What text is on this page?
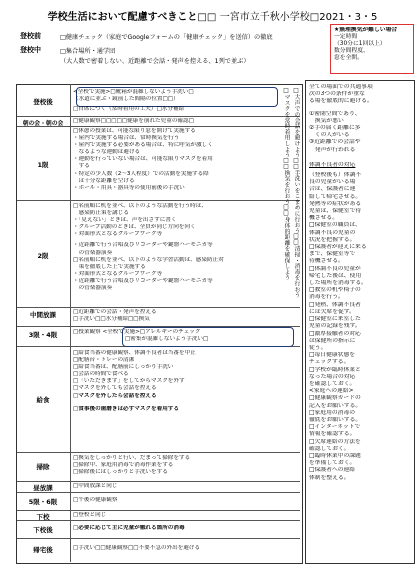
学校生活において配慮すべきこと□□ 一宮市立千秋小学校□2021・3・5
登校前	□健康チェック（家庭でGoogleフォームの「健康チェック」を送信）の徹底
登校中	□集合場所・通学団
（大人数で密着しない、近距離で会話・発声を控える、1列で並ぶ）
★無理換気が難しい場合
一定時間
（30分に1回以上）
数分間程度、
窓を全開。
登校後
朝の会・朝の会
1限
2限
中間放課
3限・4限
給食
掃除
昼放課
5限・6限
下校
下校後
帰宅後
<全校で実施>□靴箱が混雑しないよう手洗い□
（水道に並ぶ・鏡前した間隔の位置□□）
□自席につく（常時着用の工夫）□水分補給
□健康観察□□□□□健康を崩れた児童の確認□
□休憩の授業は、可能な限り窓を開けて実施する
・屋内で実施する場合は、常時換気を行う
・屋内で実施する必要がある場合は、特に呼気が激しく
　なるような運動は避ける
・運動を行っていない場合は、可能な限りマスクを着用
　する
・特定の少人数（2～3人程度）での活動を実施する際
　は十分な距離を空ける
・ボール・用具・器具等の使用前後の手洗い
□名前順に机を並べ、以下のような活動を行う時は、
　感染防止策を講じる
・「見えない」ときは、声を出さずに書く
・グループ活動のときは、全員が同じ方向を向く
・対面形式となるグループワーク等
・近距離で行う合唱及びリコーダーや鍵盤ハーモニカ等
　の管楽器演奏
□名前順に机を並べ、以下のような学習活動は、感染防止対
　策を徹底した上で実施する
・対面形式となるグループワーク等
・近距離で行う合唱及びリコーダーや鍵盤ハーモニカ等
　の管楽器演奏
□近距離での会話・発声を控える
□手洗い□□水分補給□□換気
□授業観察 <全校で実施>□アレルギーのチェック
□密集が混雑しないよう手洗い□
□給食当番の健康観察、体調不良者は当番を中止
□配膳台・トレーの清潔
□給食当番は、配膳前にしっかり手洗い
□会話の時間で食べる
□「いただきます」をしてからマスクを外す
□マスクを外しても会話を控える
□マスクを外したら会話を控える
□食事後の歯磨きは必ずマスクを着用する
□換気をしっかりと行い、だまって掃除をする
□掃除中、家庭用消毒で消毒作業をする
□掃除後にはしっかりと手洗いをする
□中間放課と同じ
□午後の健康観察
□登校と同じ
□必要に応じて主に児童が触れる箇所の消毒
□手洗い□□健康観察□□不要不急の外出を避ける
□マスクを常時着用しよう□□換気を行おう□□身体的距離を確保しよう □大声での会話を避けよう□□手洗いをこまめに行おう□□清掃・消毒を行おう
全ての場面での共通事項
次の3つの条件が重な
る場を徹底的に避ける。
①密閉空間であり、
　換気が悪い
②手の届く距離に多
　くの人がいる
③近距離での会話や
　発声が行われる
体調不良者の対応
（登校後も）体調不
良の児童がいる場
合は、保護者に連
絡して帰宅させる。
発熱等の症状がある
児童は、保健室で待
機させる。
□保健室の職員は、
体調不良の児童の
状況を把握する。
□保護者が迎えに来る
まで、保健室等で
待機させる。
□体調不良の児童が
帰宅した後は、使用
した場所を消毒する。
□教室の机や椅子の
消毒を行う。
□発熱、体調不良者
には欠席を促す。
□保健室に来室した
児童の記録を残す。
□濃厚接触者の対応
は保健所の指示に
従う。
□毎日健康状態を
チェックする。
□学校が臨時休業と
なった場合の対応
を確認しておく。
<家庭への連絡>
□健康観察カードの
記入をお願いする。
□家庭用の消毒の
徹底をお願いする。
□インターネットで
情報を確認する。
□欠席連絡の方法を
確認しておく。
□臨時休業中の課題
を準備しておく。
□保護者への連絡
体制を整える。
